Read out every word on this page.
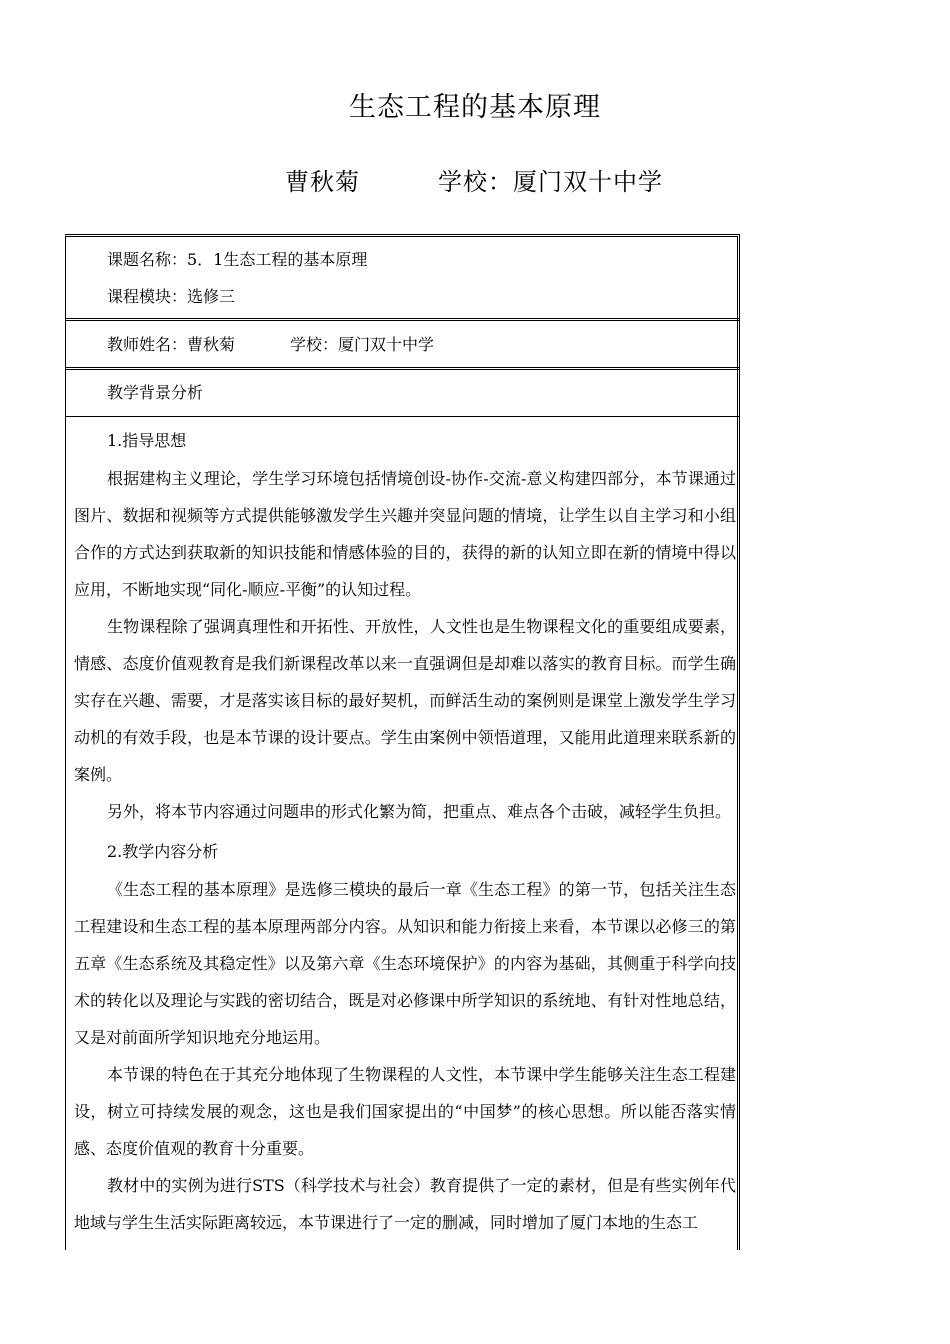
生态工程的基本原理
曹秋菊	学校：厦门双十中学
课题名称：5．1生态工程的基本原理
课程模块：选修三
教师姓名：曹秋菊	学校：厦门双十中学
教学背景分析
1.指导思想

根据建构主义理论，学生学习环境包括情境创设-协作-交流-意义构建四部分，本节课通过图片、数据和视频等方式提供能够激发学生兴趣并突显问题的情境，让学生以自主学习和小组合作的方式达到获取新的知识技能和情感体验的目的，获得的新的认知立即在新的情境中得以应用，不断地实现“同化-顺应-平衡”的认知过程。

生物课程除了强调真理性和开拓性、开放性，人文性也是生物课程文化的重要组成要素，情感、态度价值观教育是我们新课程改革以来一直强调但是却难以落实的教育目标。而学生确实存在兴趣、需要，才是落实该目标的最好契机，而鲜活生动的案例则是课堂上激发学生学习动机的有效手段，也是本节课的设计要点。学生由案例中领悟道理，又能用此道理来联系新的案例。

另外，将本节内容通过问题串的形式化繁为简，把重点、难点各个击破，减轻学生负担。

2.教学内容分析

《生态工程的基本原理》是选修三模块的最后一章《生态工程》的第一节，包括关注生态工程建设和生态工程的基本原理两部分内容。从知识和能力衔接上来看，本节课以必修三的第五章《生态系统及其稳定性》以及第六章《生态环境保护》的内容为基础，其侧重于科学向技术的转化以及理论与实践的密切结合，既是对必修课中所学知识的系统地、有针对性地总结，又是对前面所学知识地充分地运用。

本节课的特色在于其充分地体现了生物课程的人文性，本节课中学生能够关注生态工程建设，树立可持续发展的观念，这也是我们国家提出的“中国梦”的核心思想。所以能否落实情感、态度价值观的教育十分重要。

教材中的实例为进行STS（科学技术与社会）教育提供了一定的素材，但是有些实例年代地域与学生生活实际距离较远，本节课进行了一定的删减，同时增加了厦门本地的生态工
